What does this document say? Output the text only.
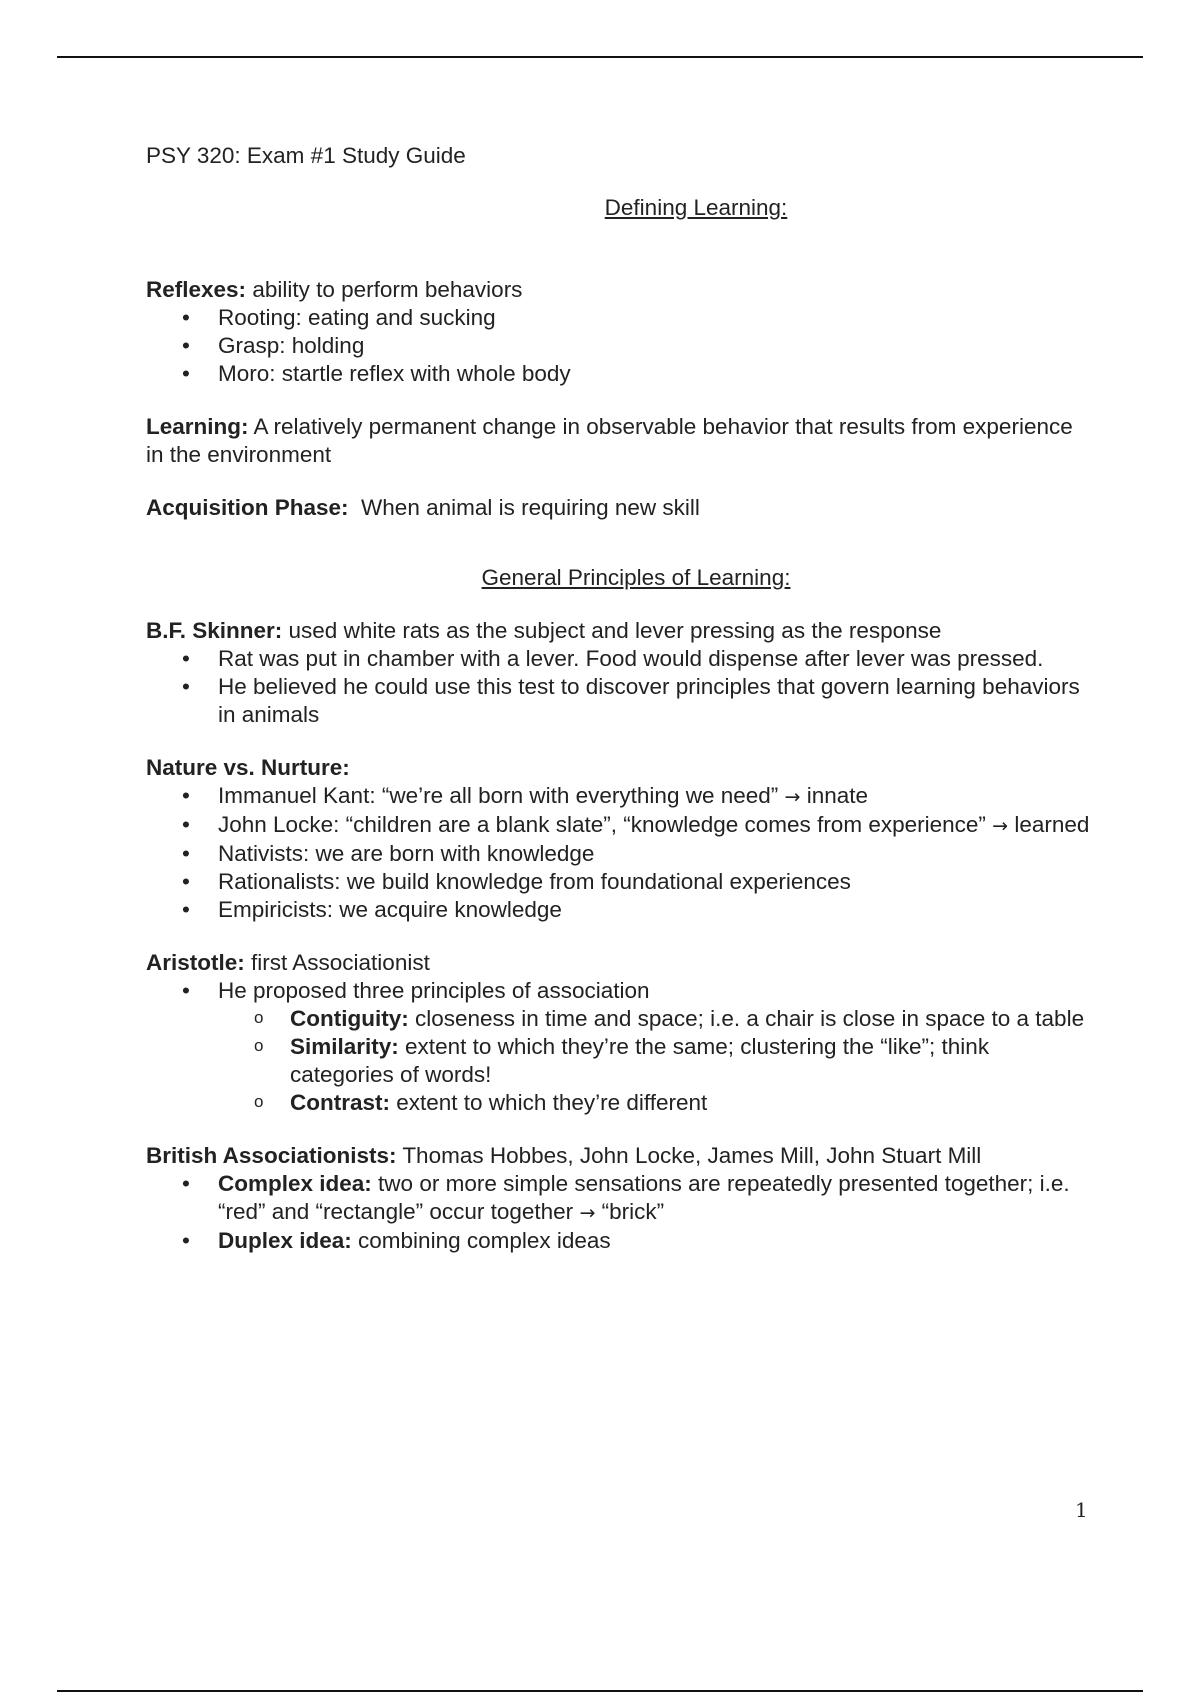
PSY 320: Exam #1 Study Guide

Defining Learning:

Reflexes: ability to perform behaviors

• Rooting: eating and sucking
• Grasp: holding
• Moro: startle reflex with whole body

Learning: A relatively permanent change in observable behavior that results from experience in the environment

Acquisition Phase:  When animal is requiring new skill

General Principles of Learning:

B.F. Skinner: used white rats as the subject and lever pressing as the response

• Rat was put in chamber with a lever. Food would dispense after lever was pressed.
• He believed he could use this test to discover principles that govern learning behaviors in animals

Nature vs. Nurture:

• Immanuel Kant: “we’re all born with everything we need” → innate
• John Locke: “children are a blank slate”, “knowledge comes from experience” → learned
• Nativists: we are born with knowledge
• Rationalists: we build knowledge from foundational experiences
• Empiricists: we acquire knowledge

Aristotle: first Associationist

• He proposed three principles of association
o Contiguity: closeness in time and space; i.e. a chair is close in space to a table
o Similarity: extent to which they’re the same; clustering the “like”; think categories of words!
o Contrast: extent to which they’re different

British Associationists: Thomas Hobbes, John Locke, James Mill, John Stuart Mill

• Complex idea: two or more simple sensations are repeatedly presented together; i.e. “red” and “rectangle” occur together → “brick”
• Duplex idea: combining complex ideas
1
